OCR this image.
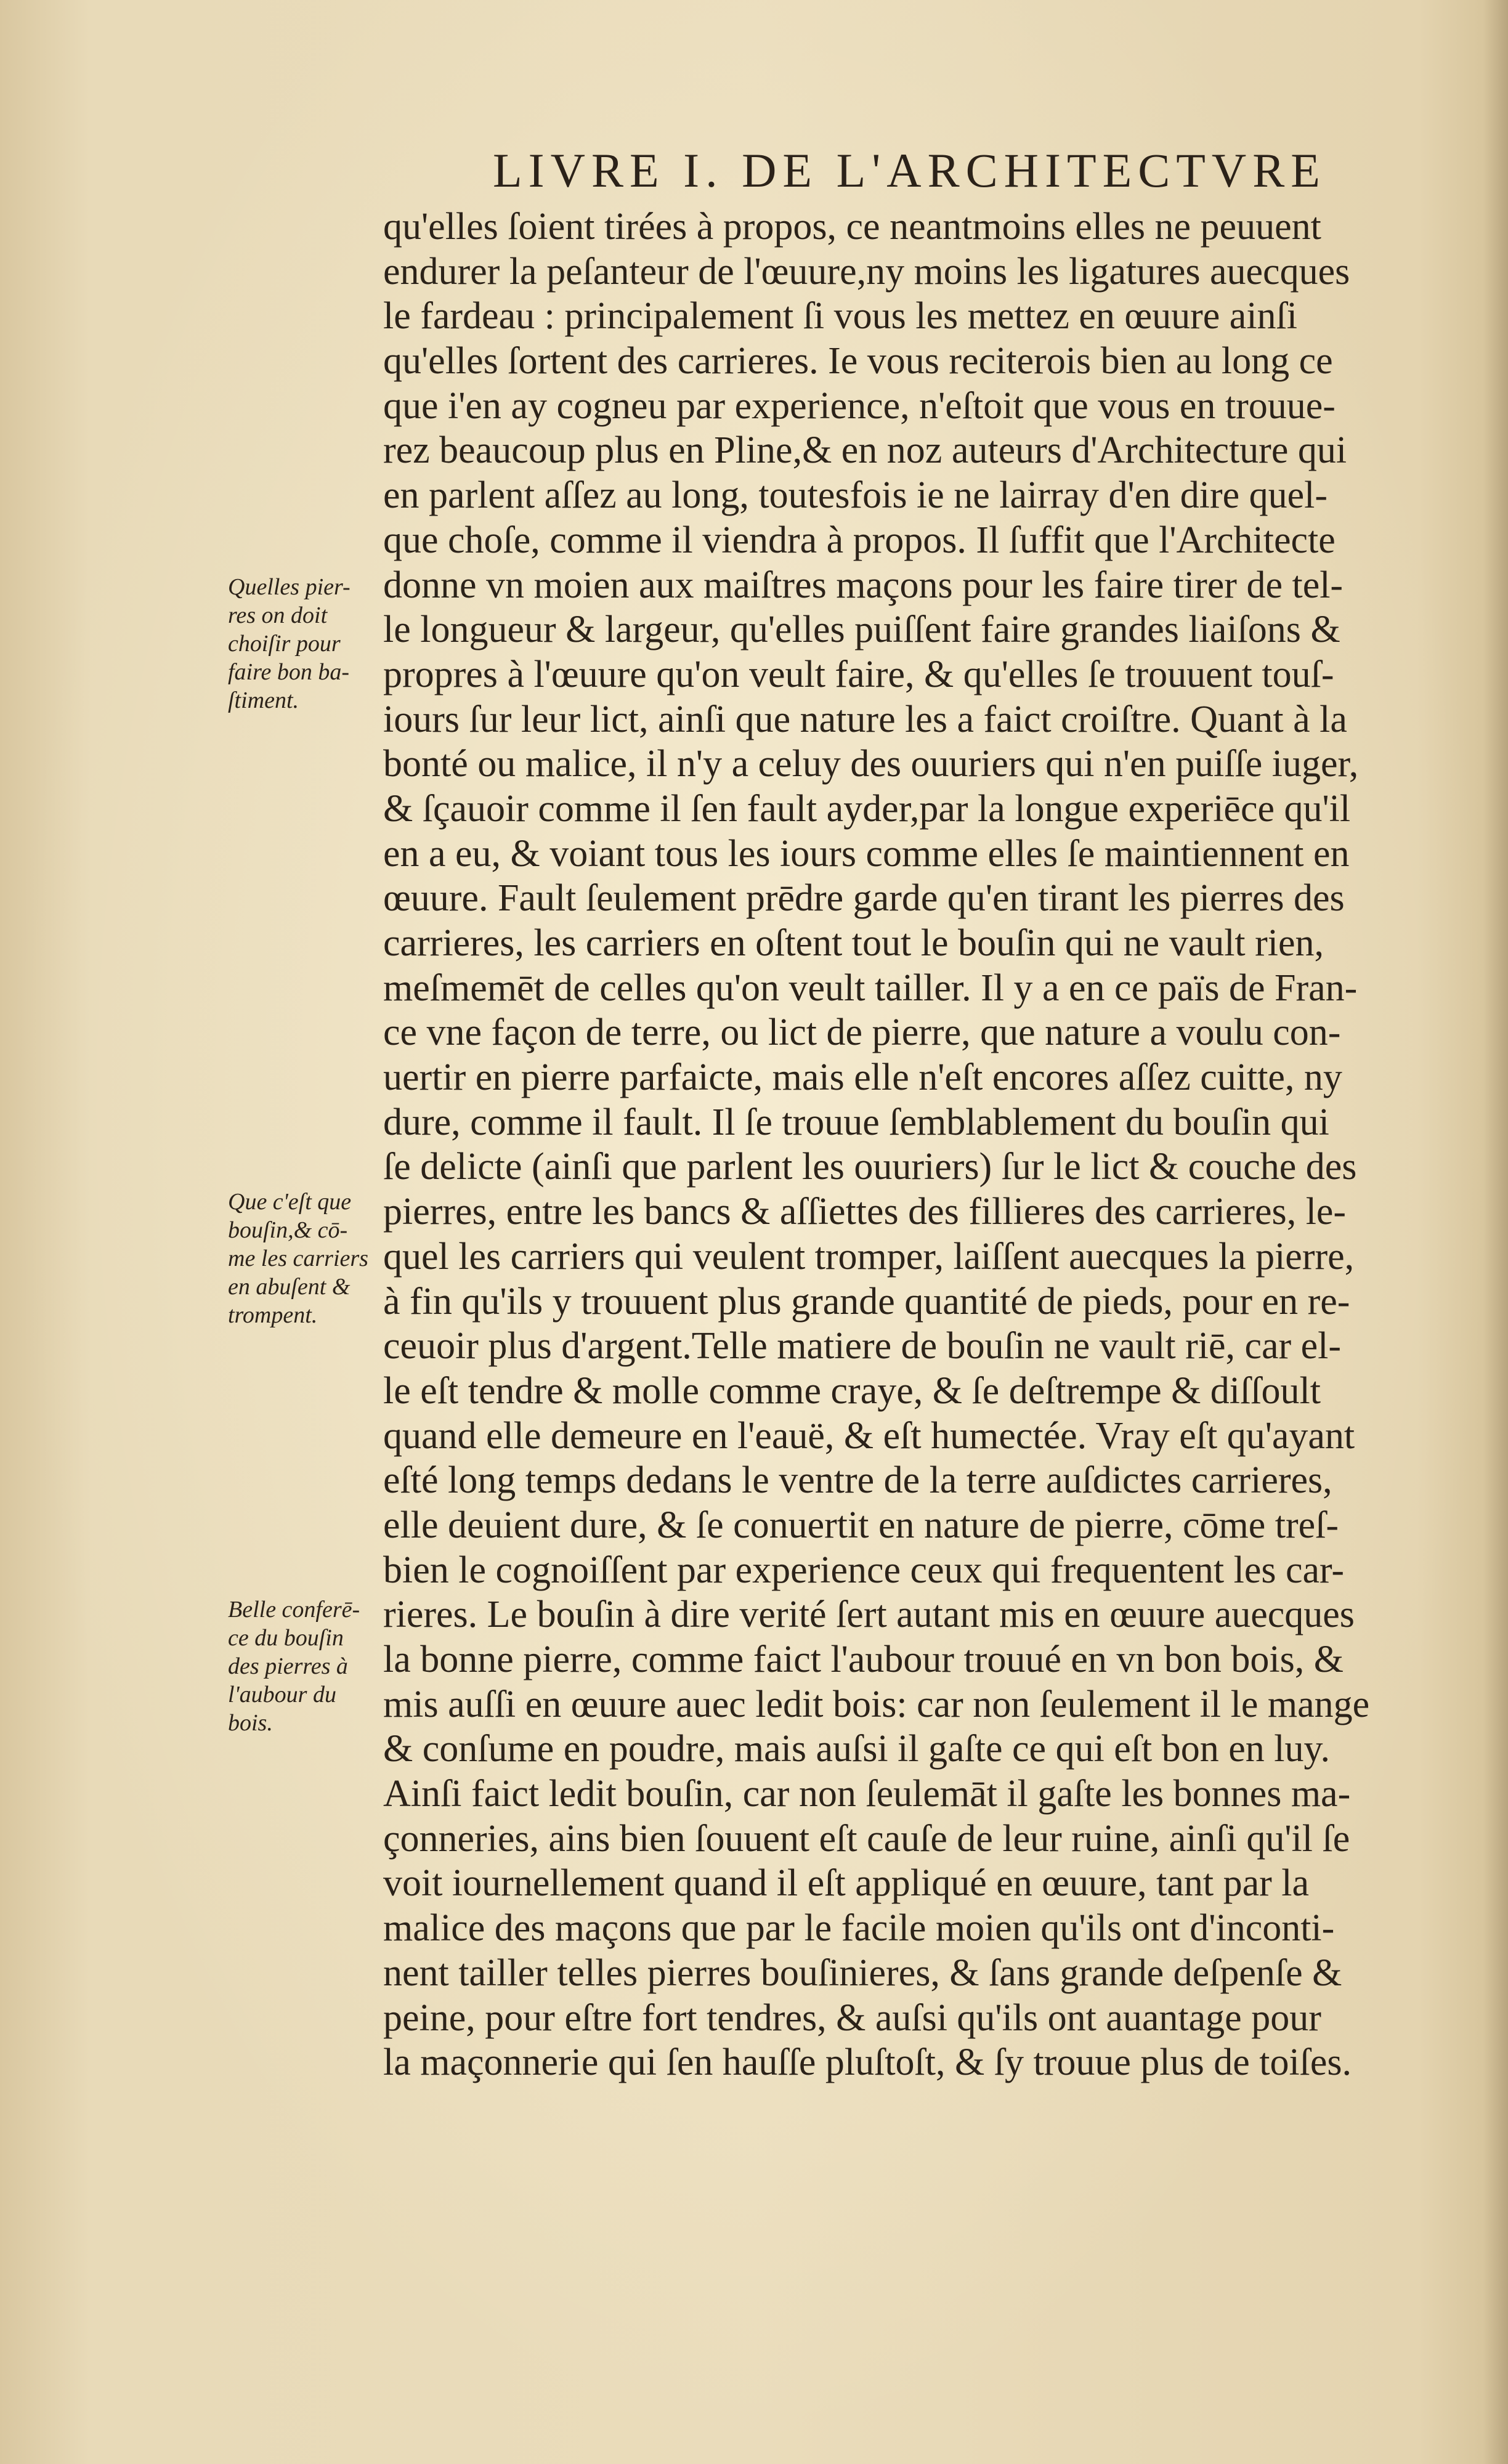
LIVRE I. DE L'ARCHITECTVRE
qu'elles ſoient tirées à propos, ce neantmoins elles ne peuuent
endurer la peſanteur de l'œuure,ny moins les ligatures auecques
le fardeau : principalement ſi vous les mettez en œuure ainſi
qu'elles ſortent des carrieres. Ie vous reciterois bien au long ce
que i'en ay cogneu par experience, n'eſtoit que vous en trouue-
rez beaucoup plus en Pline,& en noz auteurs d'Architecture qui
en parlent aſſez au long, toutesfois ie ne lairray d'en dire quel-
que choſe, comme il viendra à propos. Il ſuffit que l'Architecte
donne vn moien aux maiſtres maçons pour les faire tirer de tel-
le longueur & largeur, qu'elles puiſſent faire grandes liaiſons &
propres à l'œuure qu'on veult faire, & qu'elles ſe trouuent touſ-
iours ſur leur lict, ainſi que nature les a faict croiſtre. Quant à la
bonté ou malice, il n'y a celuy des ouuriers qui n'en puiſſe iuger,
& ſçauoir comme il ſen fault ayder,par la longue experiēce qu'il
en a eu, & voiant tous les iours comme elles ſe maintiennent en
œuure. Fault ſeulement prēdre garde qu'en tirant les pierres des
carrieres, les carriers en oſtent tout le bouſin qui ne vault rien,
meſmemēt de celles qu'on veult tailler. Il y a en ce païs de Fran-
ce vne façon de terre, ou lict de pierre, que nature a voulu con-
uertir en pierre parfaicte, mais elle n'eſt encores aſſez cuitte, ny
dure, comme il fault. Il ſe trouue ſemblablement du bouſin qui
ſe delicte (ainſi que parlent les ouuriers) ſur le lict & couche des
pierres, entre les bancs & aſſiettes des fillieres des carrieres, le-
quel les carriers qui veulent tromper, laiſſent auecques la pierre,
à fin qu'ils y trouuent plus grande quantité de pieds, pour en re-
ceuoir plus d'argent.Telle matiere de bouſin ne vault riē, car el-
le eſt tendre & molle comme craye, & ſe deſtrempe & diſſoult
quand elle demeure en l'eauë, & eſt humectée. Vray eſt qu'ayant
eſté long temps dedans le ventre de la terre auſdictes carrieres,
elle deuient dure, & ſe conuertit en nature de pierre, cōme treſ-
bien le cognoiſſent par experience ceux qui frequentent les car-
rieres. Le bouſin à dire verité ſert autant mis en œuure auecques
la bonne pierre, comme faict l'aubour trouué en vn bon bois, &
mis auſſi en œuure auec ledit bois: car non ſeulement il le mange
& conſume en poudre, mais auſsi il gaſte ce qui eſt bon en luy.
Ainſi faict ledit bouſin, car non ſeulemāt il gaſte les bonnes ma-
çonneries, ains bien ſouuent eſt cauſe de leur ruine, ainſi qu'il ſe
voit iournellement quand il eſt appliqué en œuure, tant par la
malice des maçons que par le facile moien qu'ils ont d'inconti-
nent tailler telles pierres bouſinieres, & ſans grande deſpenſe &
peine, pour eſtre fort tendres, & auſsi qu'ils ont auantage pour
la maçonnerie qui ſen hauſſe pluſtoſt, & ſy trouue plus de toiſes.
Quelles pier-
res on doit
choiſir pour
faire bon ba-
ſtiment.
Que c'eſt que
bouſin,& cō-
me les carriers
en abuſent &
trompent.
Belle conferē-
ce du bouſin
des pierres à
l'aubour du
bois.
